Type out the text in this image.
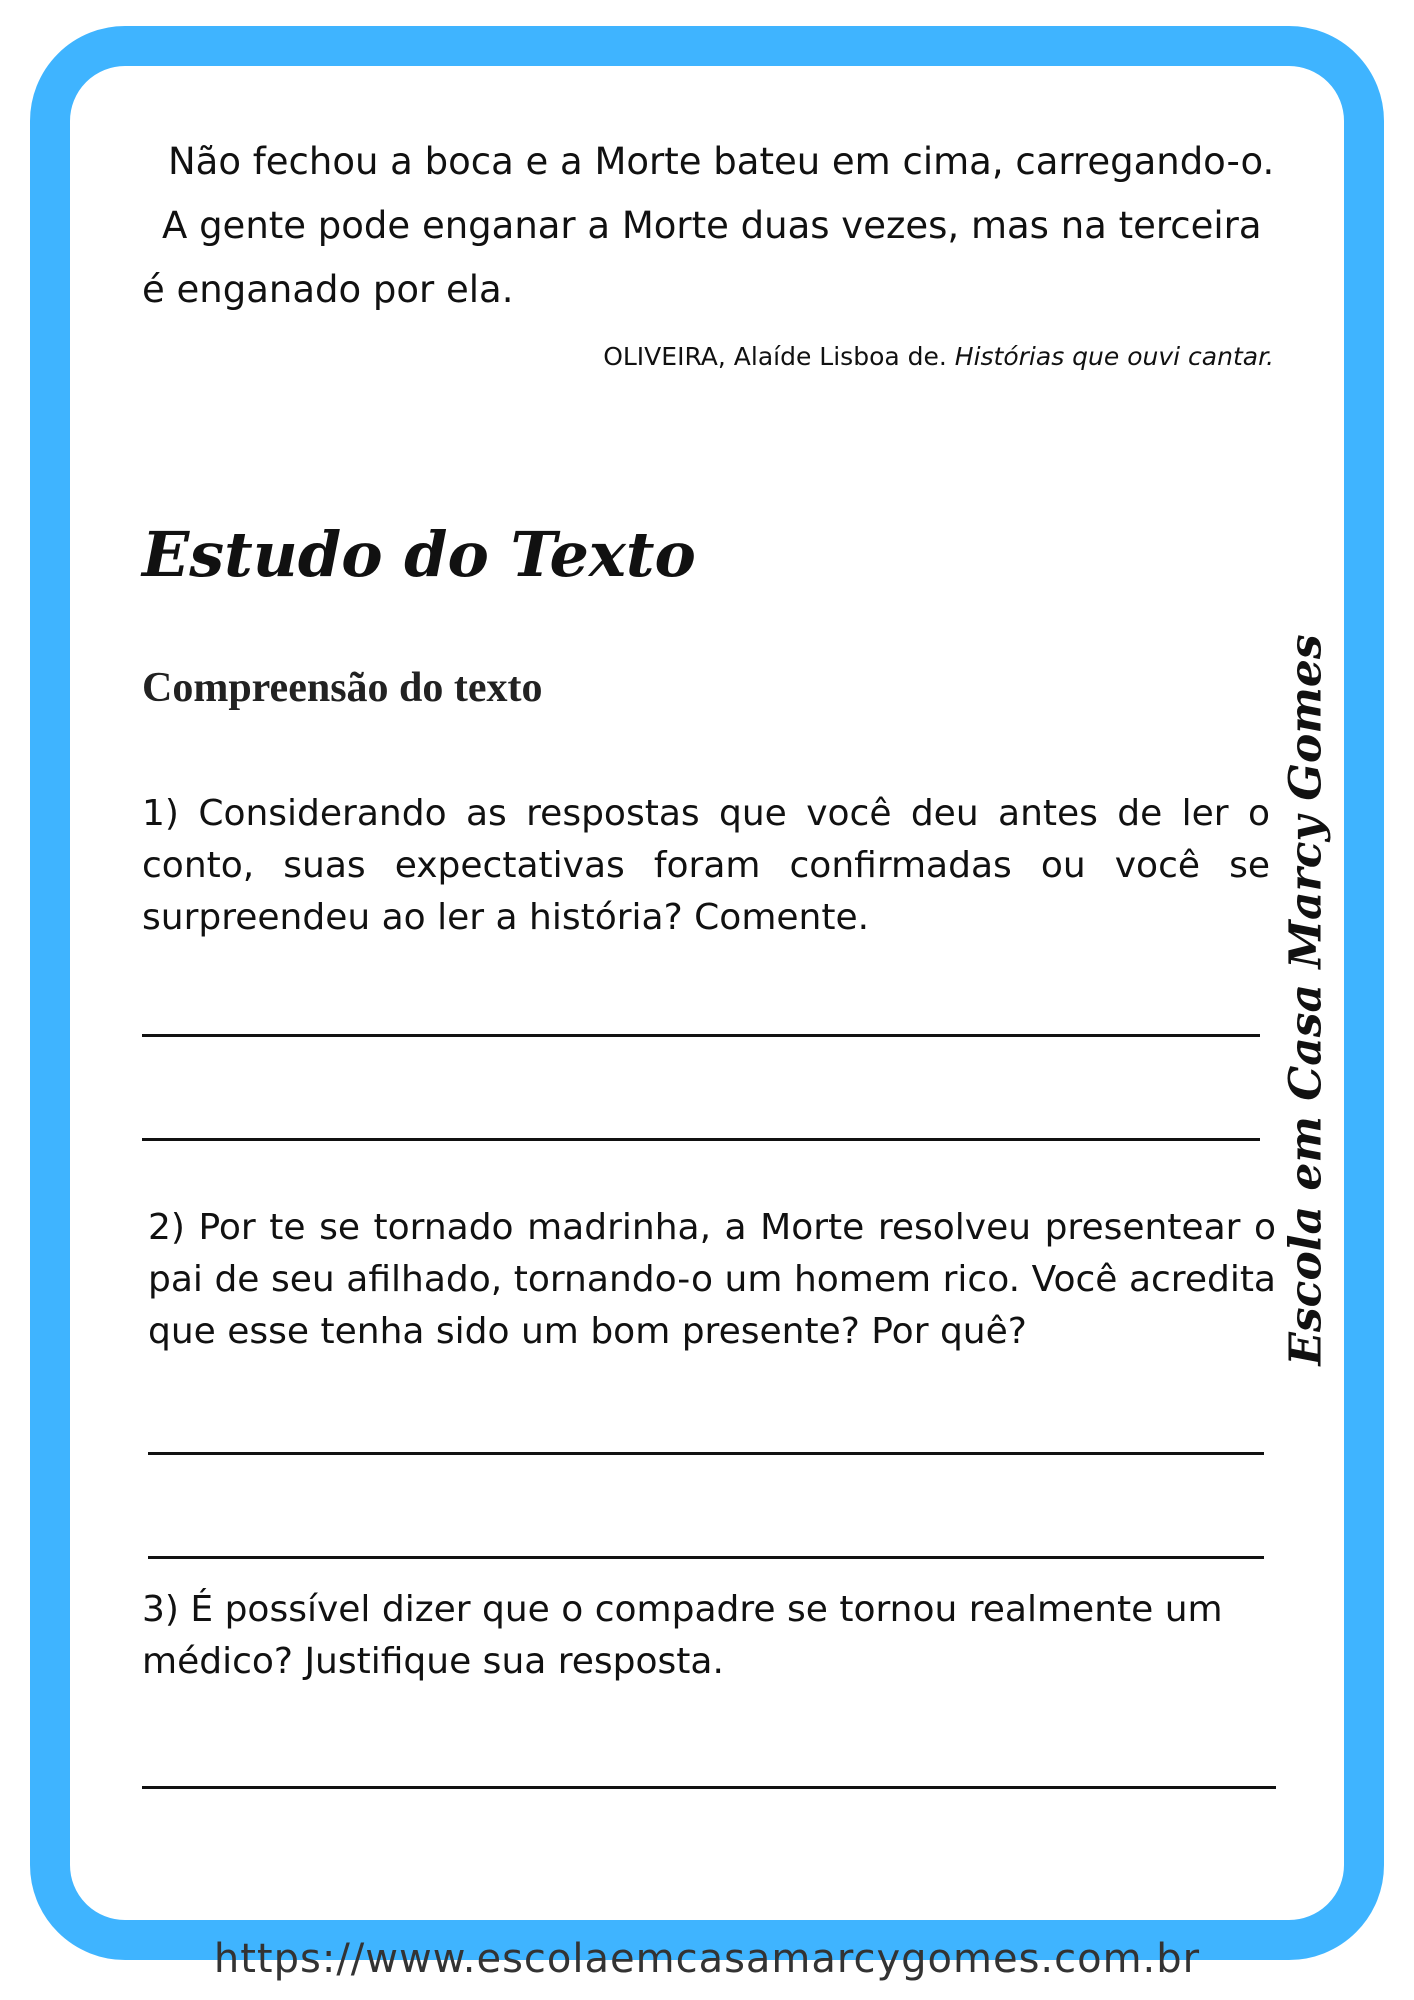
Não fechou a boca e a Morte bateu em cima, carregando-o.

A gente pode enganar a Morte duas vezes, mas na terceira é enganado por ela.

OLIVEIRA, Alaíde Lisboa de. Histórias que ouvi cantar.
Estudo do Texto
Compreensão do texto

1) Considerando as respostas que você deu antes de ler o conto, suas expectativas foram confirmadas ou você se surpreendeu ao ler a história? Comente.

2) Por te se tornado madrinha, a Morte resolveu presentear o pai de seu afilhado, tornando-o um homem rico. Você acredita que esse tenha sido um bom presente? Por quê?

3) É possível dizer que o compadre se tornou realmente um médico? Justifique sua resposta.

Escola em Casa Marcy Gomes
https://www.escolaemcasamarcygomes.com.br
